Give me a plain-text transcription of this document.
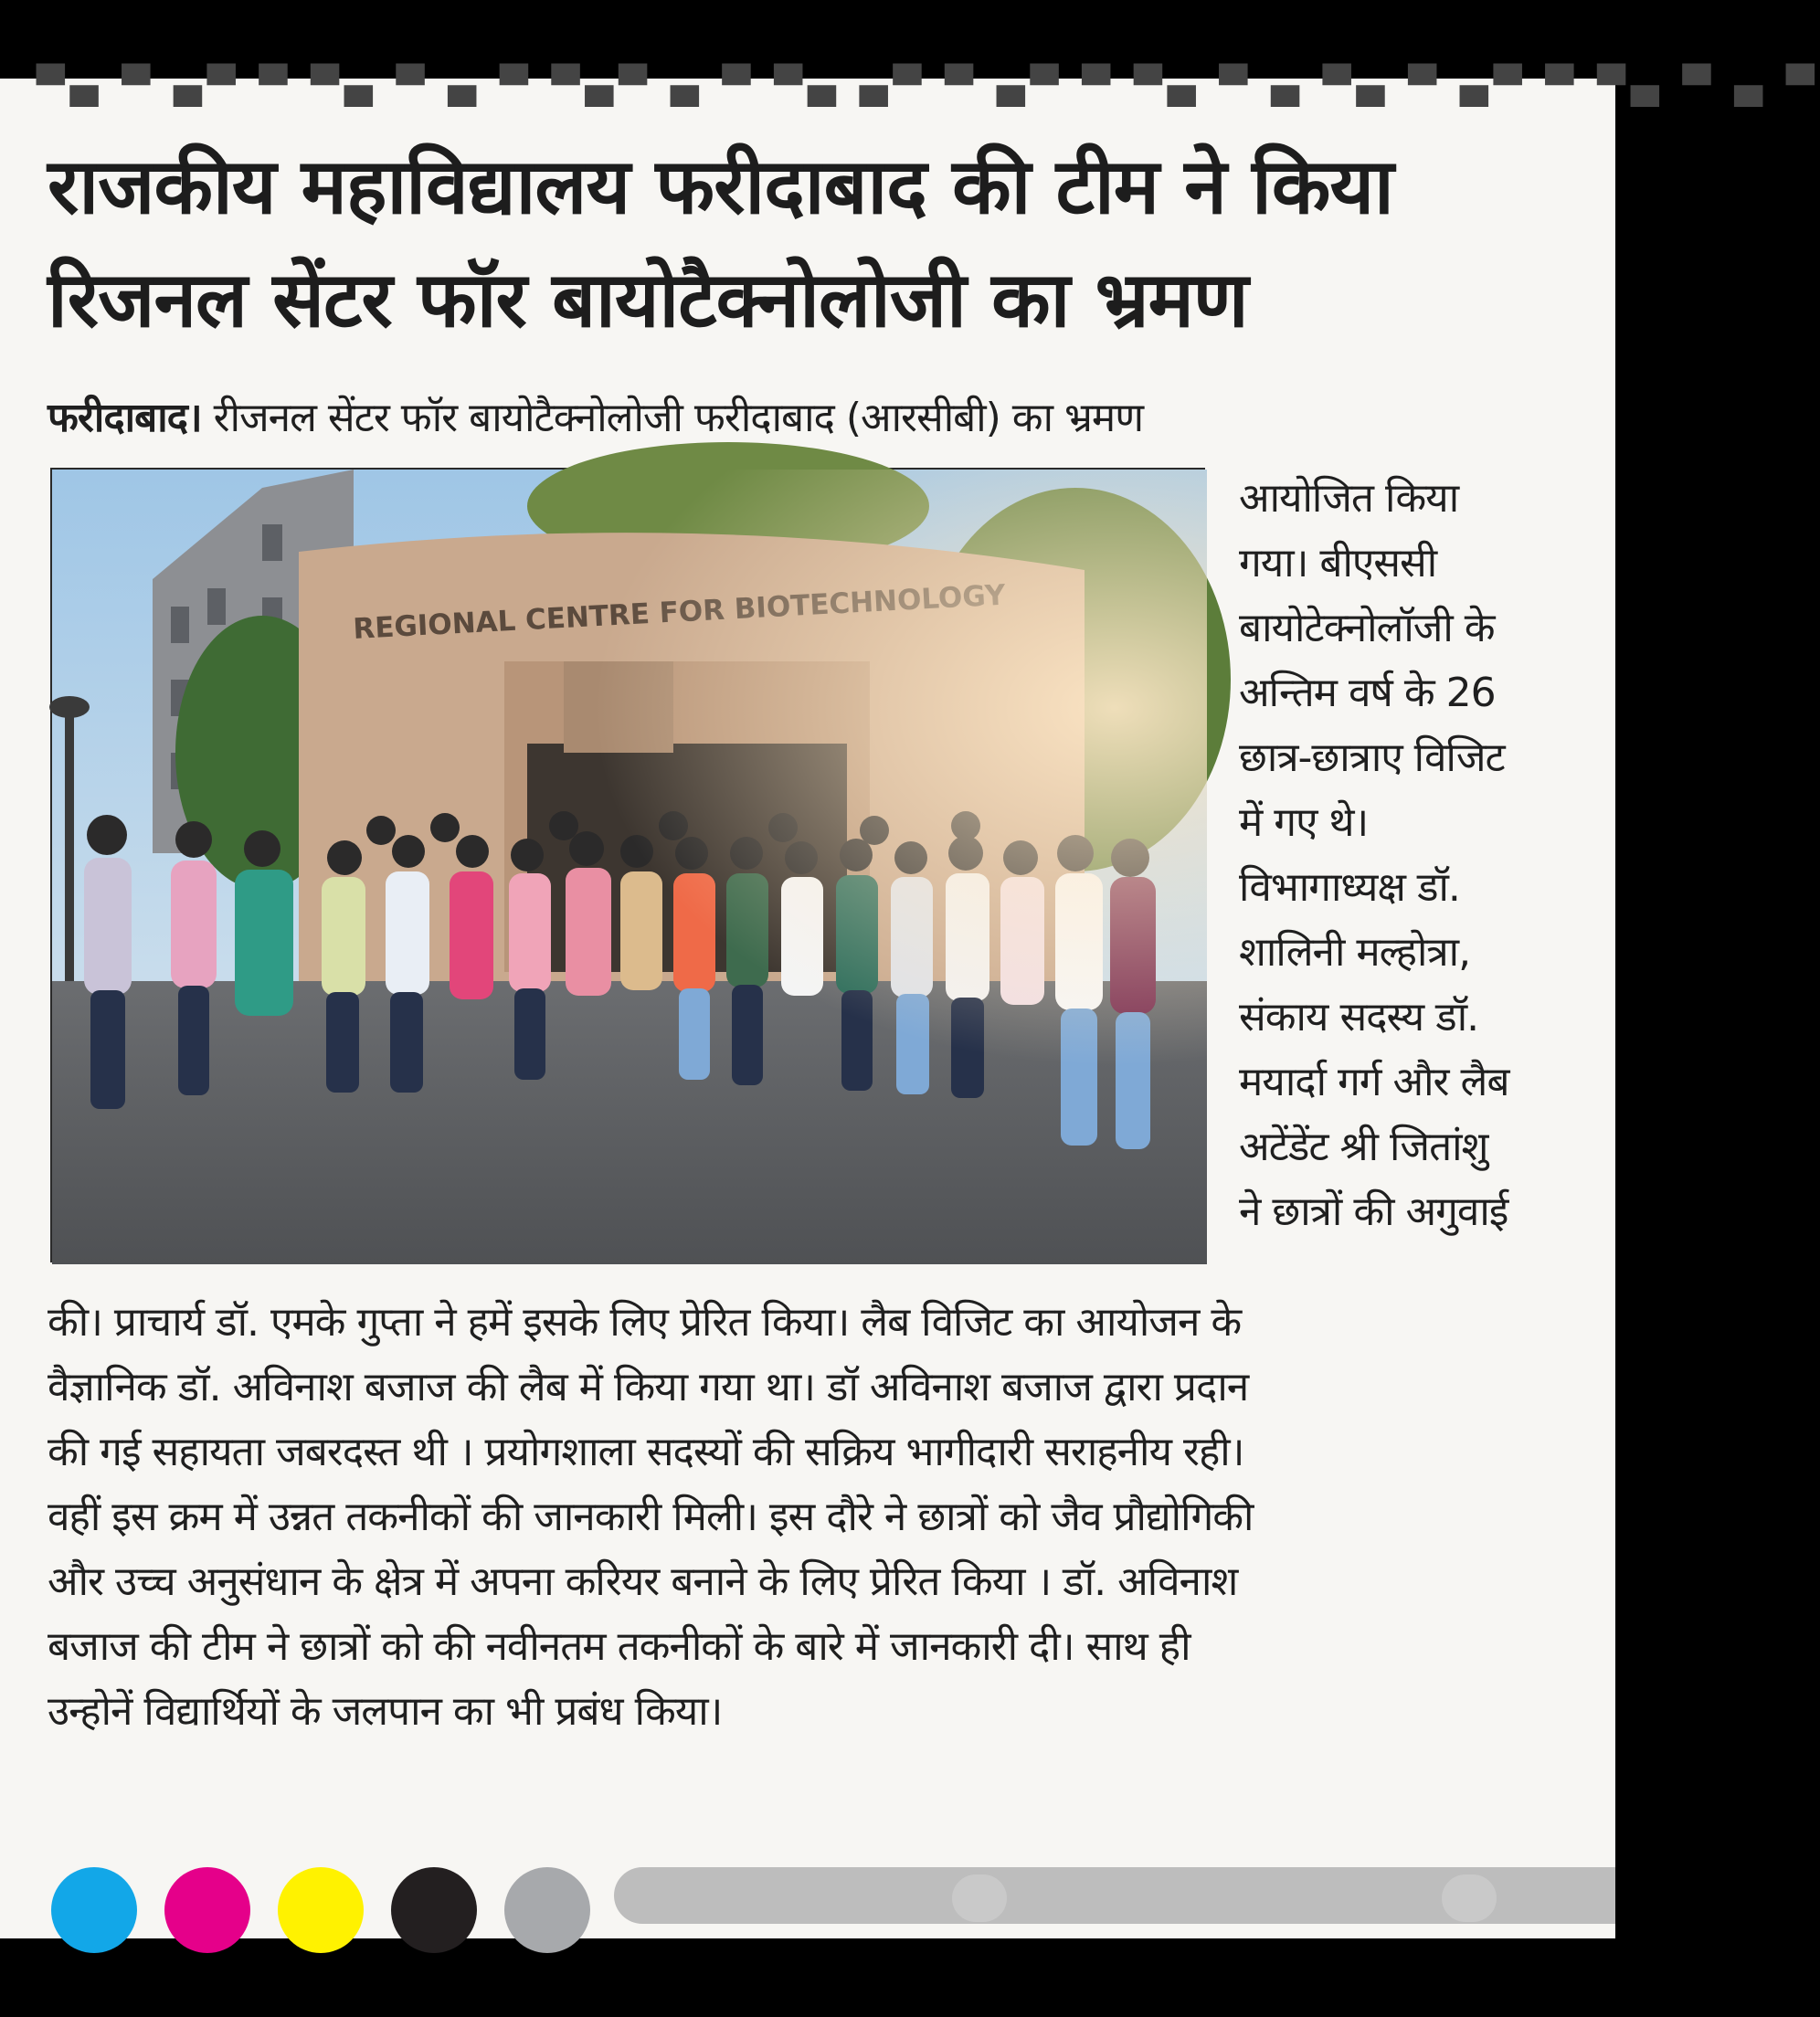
▀▄ ▀ ▄▀ ▀ ▀▄ ▀ ▄ ▀ ▀▄▀ ▄ ▀ ▀▄ ▄▀ ▀ ▄▀ ▀ ▀▄ ▀ ▄ ▀▄ ▀ ▄▀ ▀ ▀▄ ▀ ▄ ▀
राजकीय महाविद्यालय फरीदाबाद की टीम ने किया
रिजनल सेंटर फॉर बायोटैक्नोलोजी का भ्रमण
फरीदाबाद। रीजनल सेंटर फॉर बायोटैक्नोलोजी फरीदाबाद (आरसीबी) का भ्रमण
आयोजित किया
गया। बीएससी
बायोटेक्नोलॉजी के
अन्तिम वर्ष के 26
छात्र-छात्राए विजिट
में गए थे।
विभागाध्यक्ष डॉ.
शालिनी मल्होत्रा,
संकाय सदस्य डॉ.
मयार्दा गर्ग और लैब
अटेंडेंट श्री जितांशु
ने छात्रों की अगुवाई
की। प्राचार्य डॉ. एमके गुप्ता ने हमें इसके लिए प्रेरित किया। लैब विजिट का आयोजन के
वैज्ञानिक डॉ. अविनाश बजाज की लैब में किया गया था। डॉ अविनाश बजाज द्वारा प्रदान
की गई सहायता जबरदस्त थी । प्रयोगशाला सदस्यों की सक्रिय भागीदारी सराहनीय रही।
वहीं इस क्रम में उन्नत तकनीकों की जानकारी मिली। इस दौरे ने छात्रों को जैव प्रौद्योगिकी
और उच्च अनुसंधान के क्षेत्र में अपना करियर बनाने के लिए प्रेरित किया । डॉ. अविनाश
बजाज की टीम ने छात्रों को की नवीनतम तकनीकों के बारे में जानकारी दी। साथ ही
उन्होनें विद्यार्थियों के जलपान का भी प्रबंध किया।
